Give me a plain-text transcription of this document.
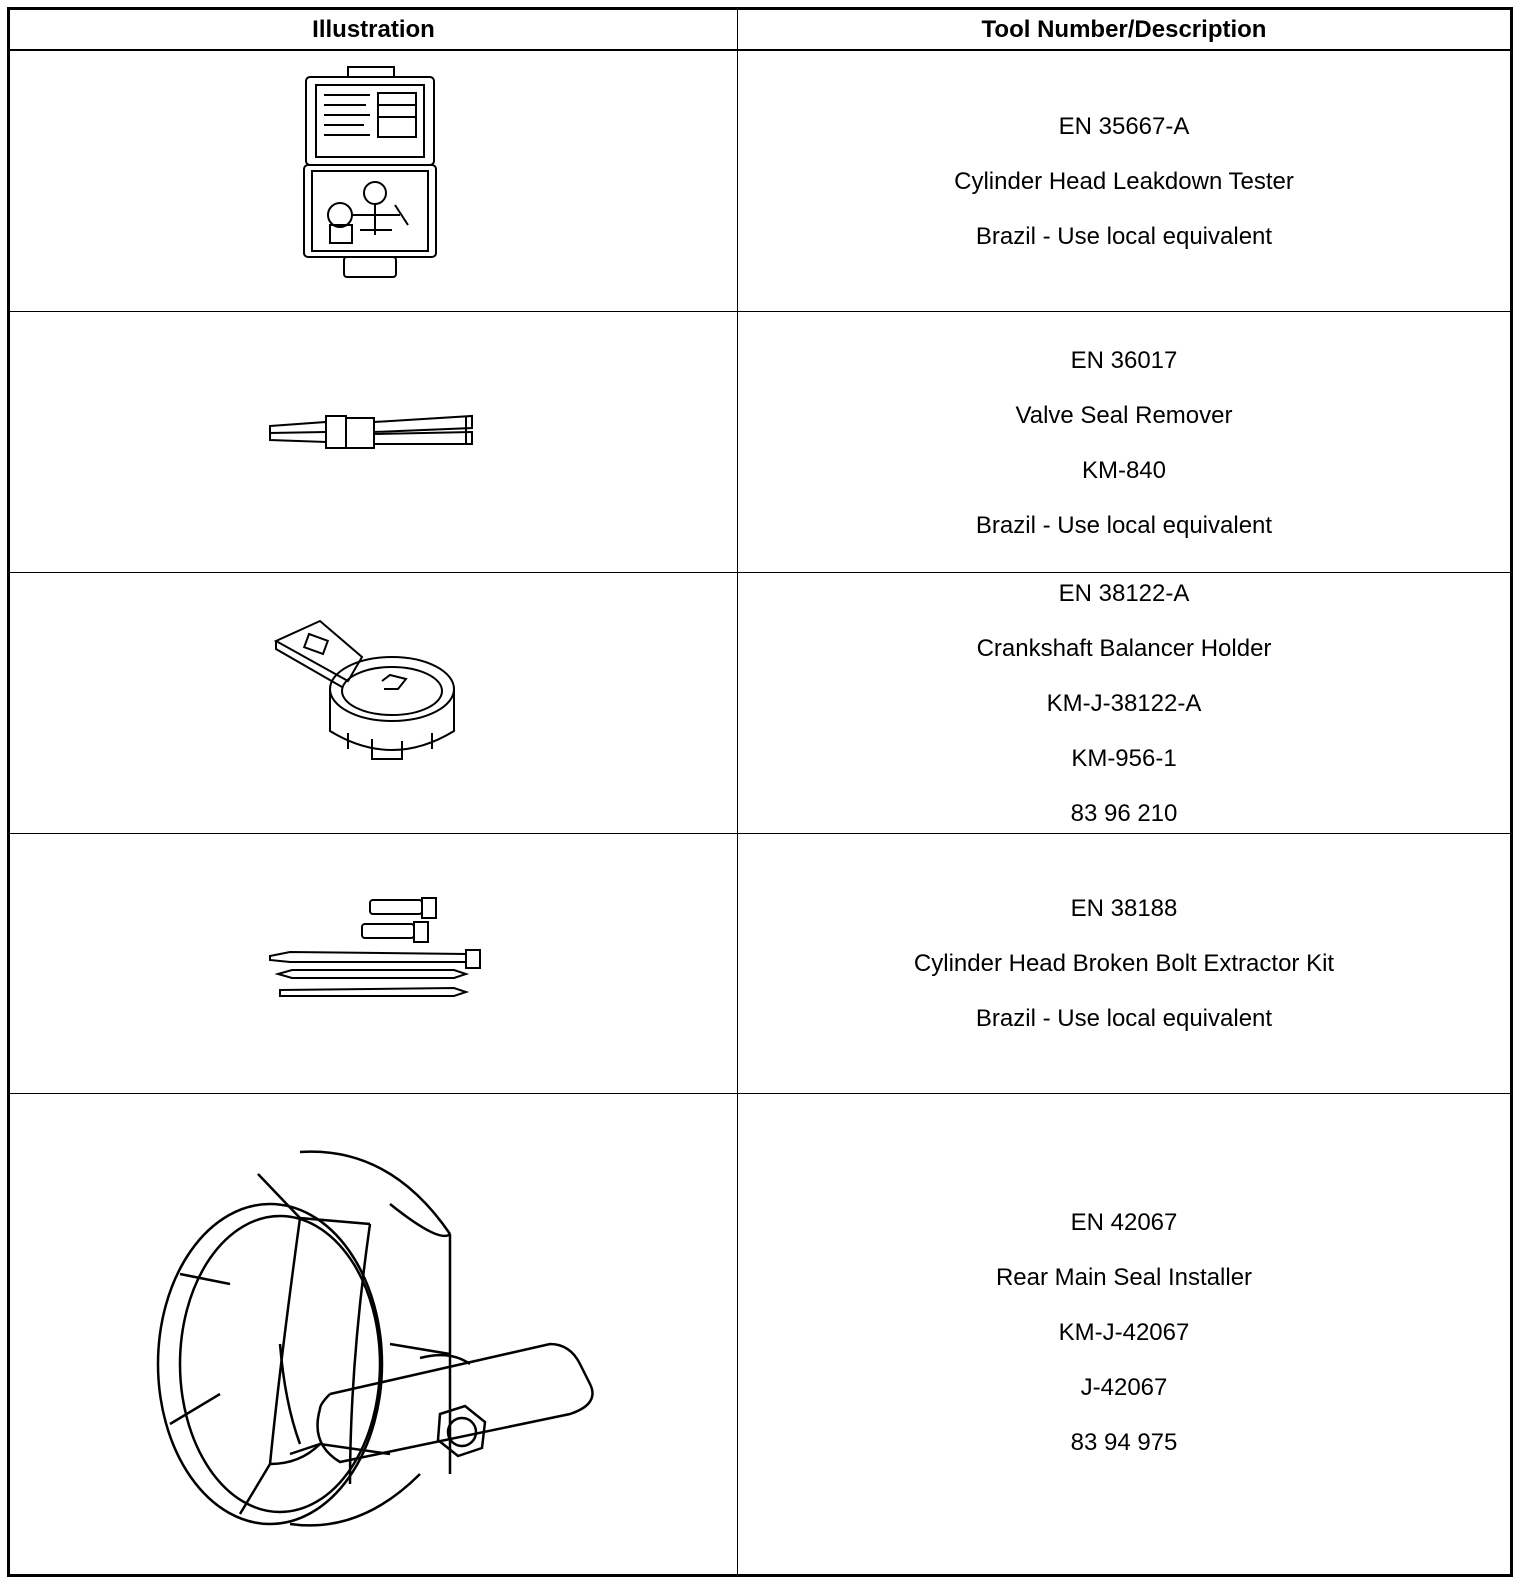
Illustration	Tool Number/Description
EN 35667-A
Cylinder Head Leakdown Tester
Brazil - Use local equivalent
EN 36017
Valve Seal Remover
KM-840
Brazil - Use local equivalent
EN 38122-A
Crankshaft Balancer Holder
KM-J-38122-A
KM-956-1
83 96 210
EN 38188
Cylinder Head Broken Bolt Extractor Kit
Brazil - Use local equivalent
EN 42067
Rear Main Seal Installer
KM-J-42067
J-42067
83 94 975
